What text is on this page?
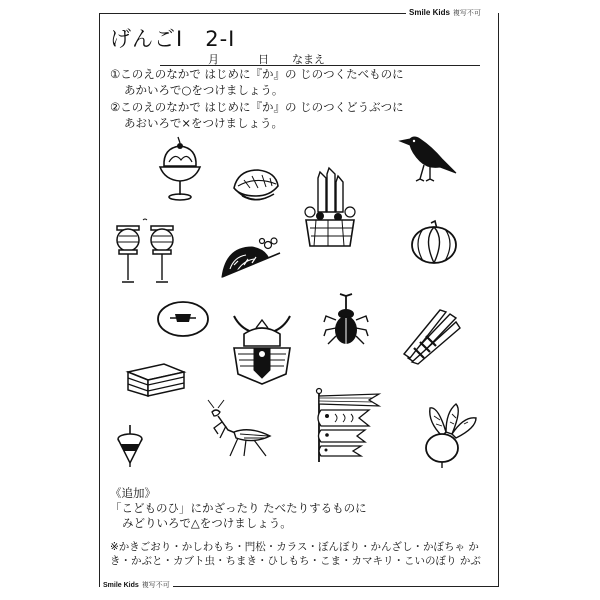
Smile Kids 複写不可
げんごⅠ 2-Ⅰ
月	日 なまえ
①このえのなかで はじめに『か』の じのつくたべものに
あかいろで○をつけましょう。
②このえのなかで はじめに『か』の じのつくどうぶつに
あおいろで×をつけましょう。
《追加》
「こどものひ」にかざったり たべたりするものに
みどりいろで△をつけましょう。
※かきごおり・かしわもち・門松・カラス・ぼんぼり・かんざし・かぼちゃ かき・かぶと・カブト虫・ちまき・ひしもち・こま・カマキリ・こいのぼり かぶ
Smile Kids 複写不可
